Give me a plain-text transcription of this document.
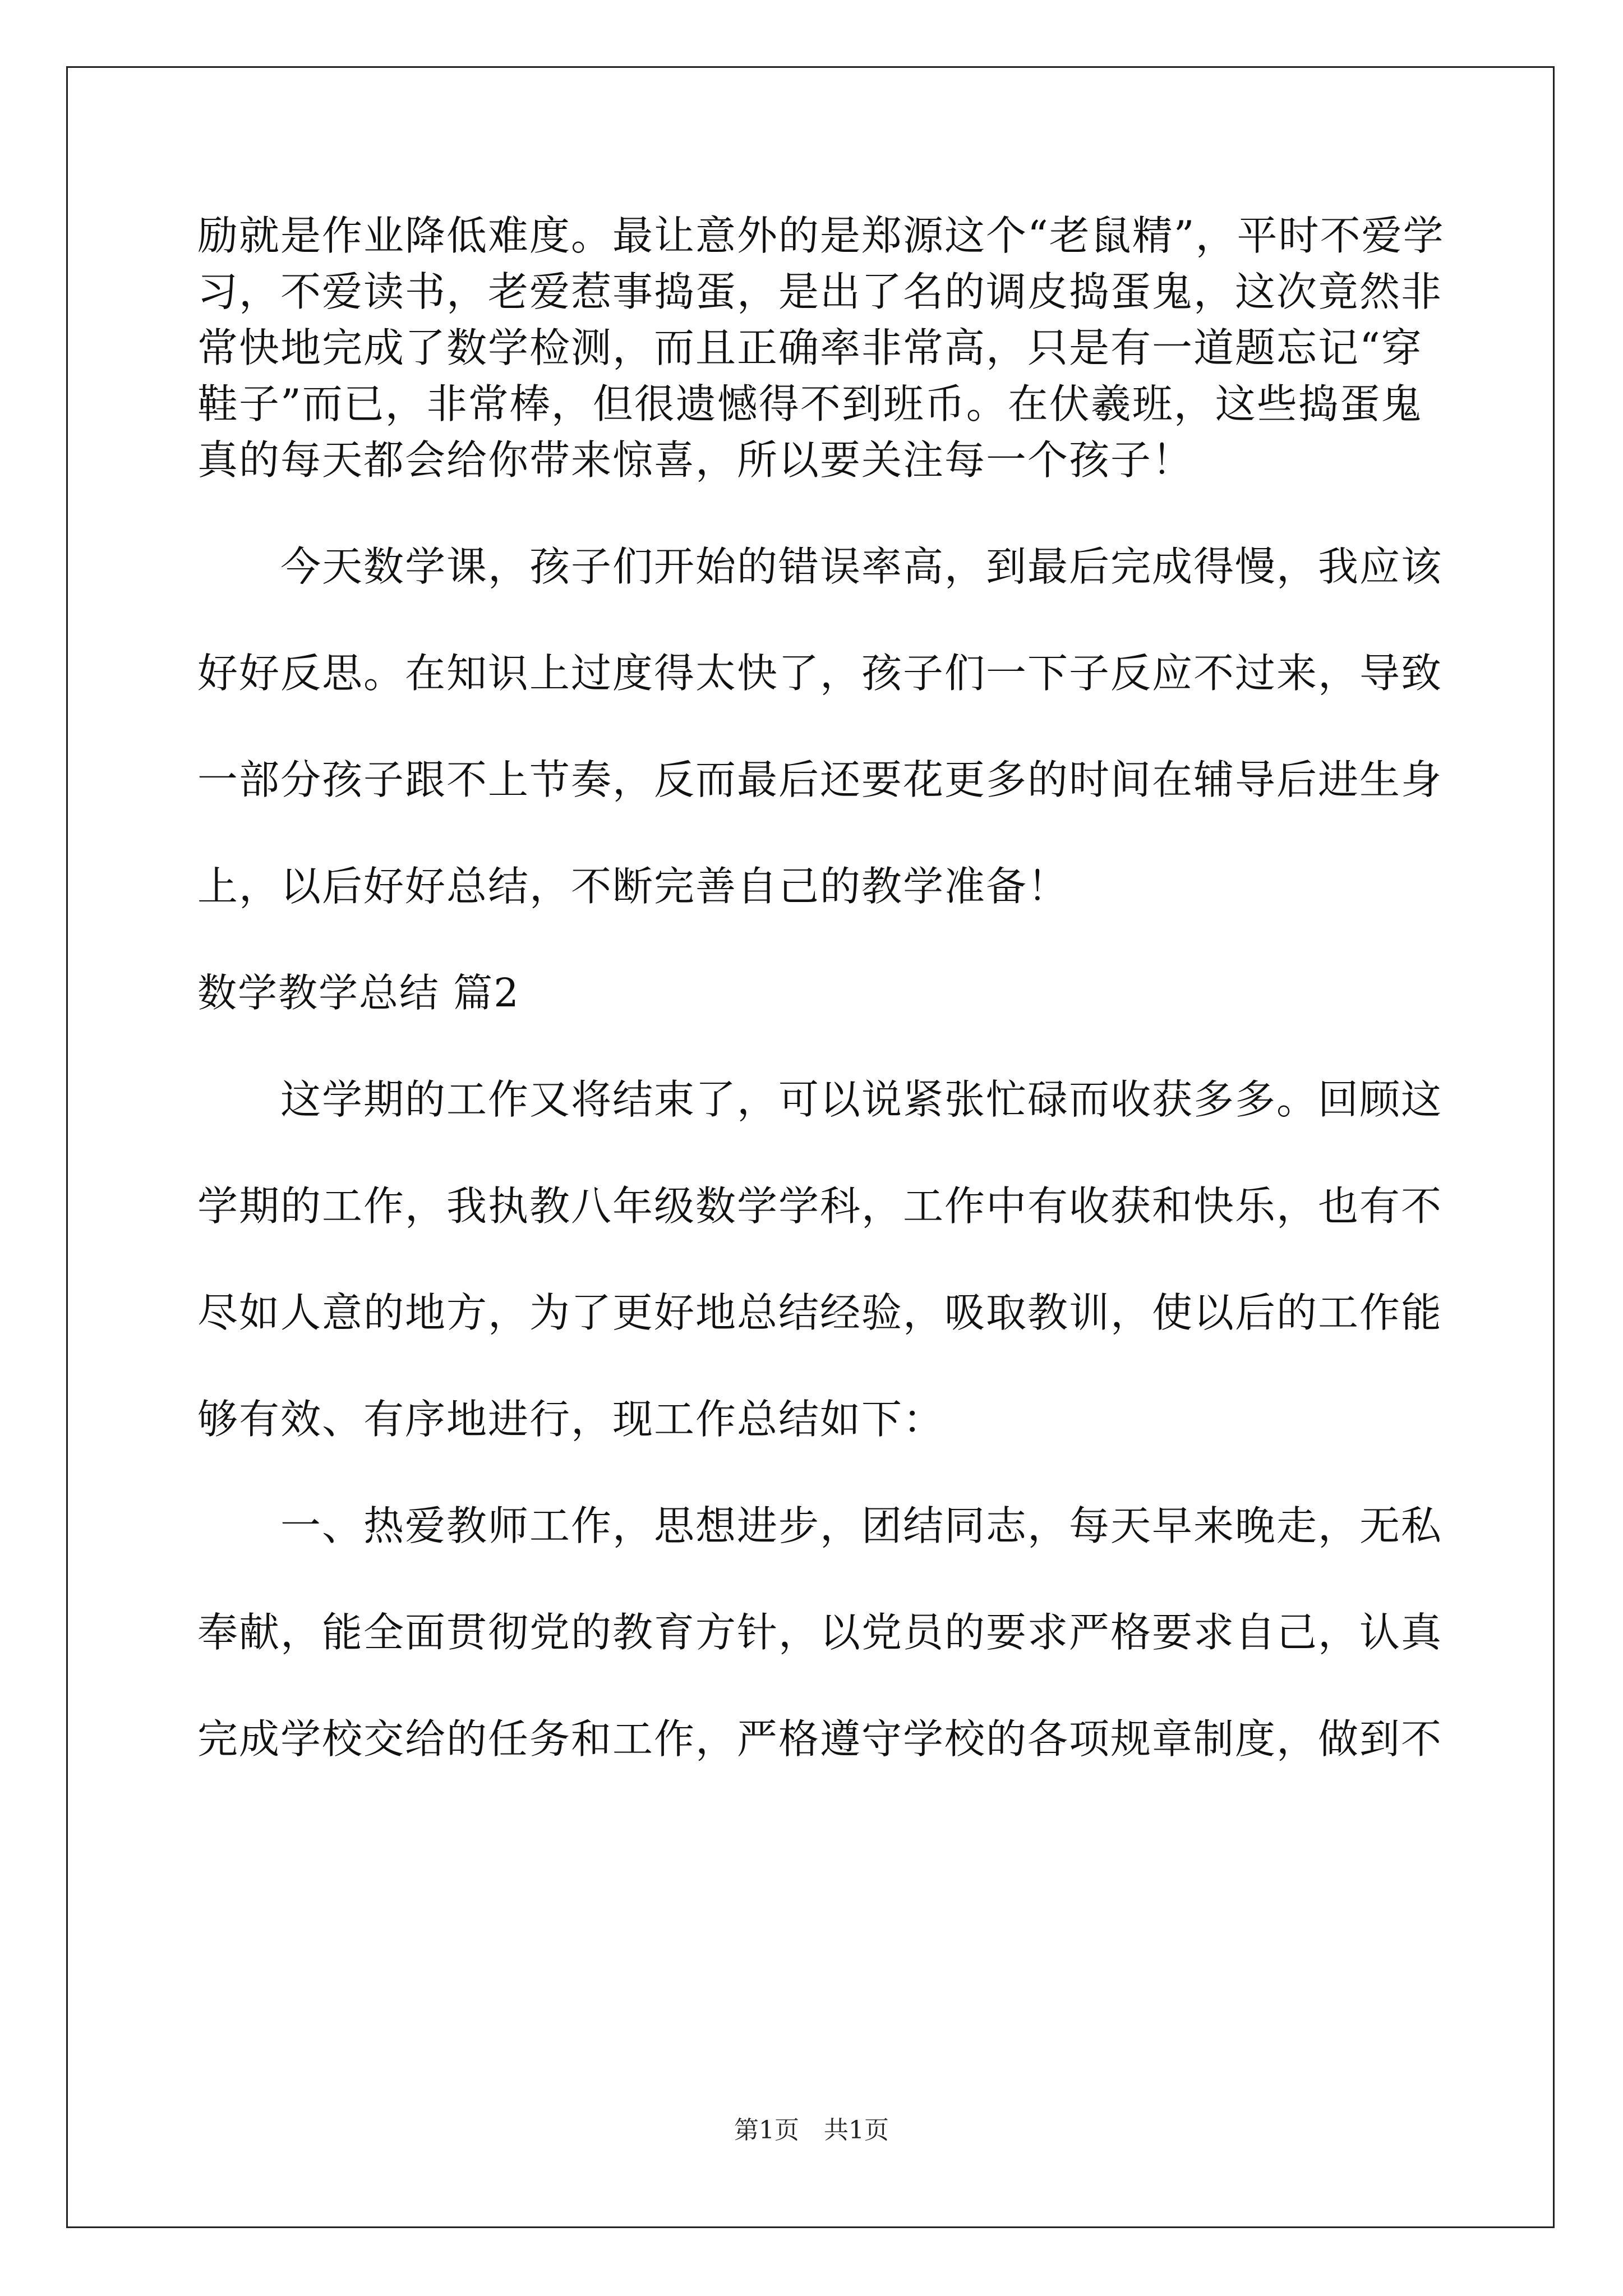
励就是作业降低难度。最让意外的是郑源这个“老鼠精”，平时不爱学
习，不爱读书，老爱惹事捣蛋，是出了名的调皮捣蛋鬼，这次竟然非
常快地完成了数学检测，而且正确率非常高，只是有一道题忘记“穿
鞋子”而已，非常棒，但很遗憾得不到班币。在伏羲班，这些捣蛋鬼
真的每天都会给你带来惊喜，所以要关注每一个孩子！
　　今天数学课，孩子们开始的错误率高，到最后完成得慢，我应该
好好反思。在知识上过度得太快了，孩子们一下子反应不过来，导致
一部分孩子跟不上节奏，反而最后还要花更多的时间在辅导后进生身
上，以后好好总结，不断完善自己的教学准备！
数学教学总结 篇2
　　这学期的工作又将结束了，可以说紧张忙碌而收获多多。回顾这
学期的工作，我执教八年级数学学科，工作中有收获和快乐，也有不
尽如人意的地方，为了更好地总结经验，吸取教训，使以后的工作能
够有效、有序地进行，现工作总结如下：
　　一、热爱教师工作，思想进步，团结同志，每天早来晚走，无私
奉献，能全面贯彻党的教育方针，以党员的要求严格要求自己，认真
完成学校交给的任务和工作，严格遵守学校的各项规章制度，做到不
第1页　共1页
